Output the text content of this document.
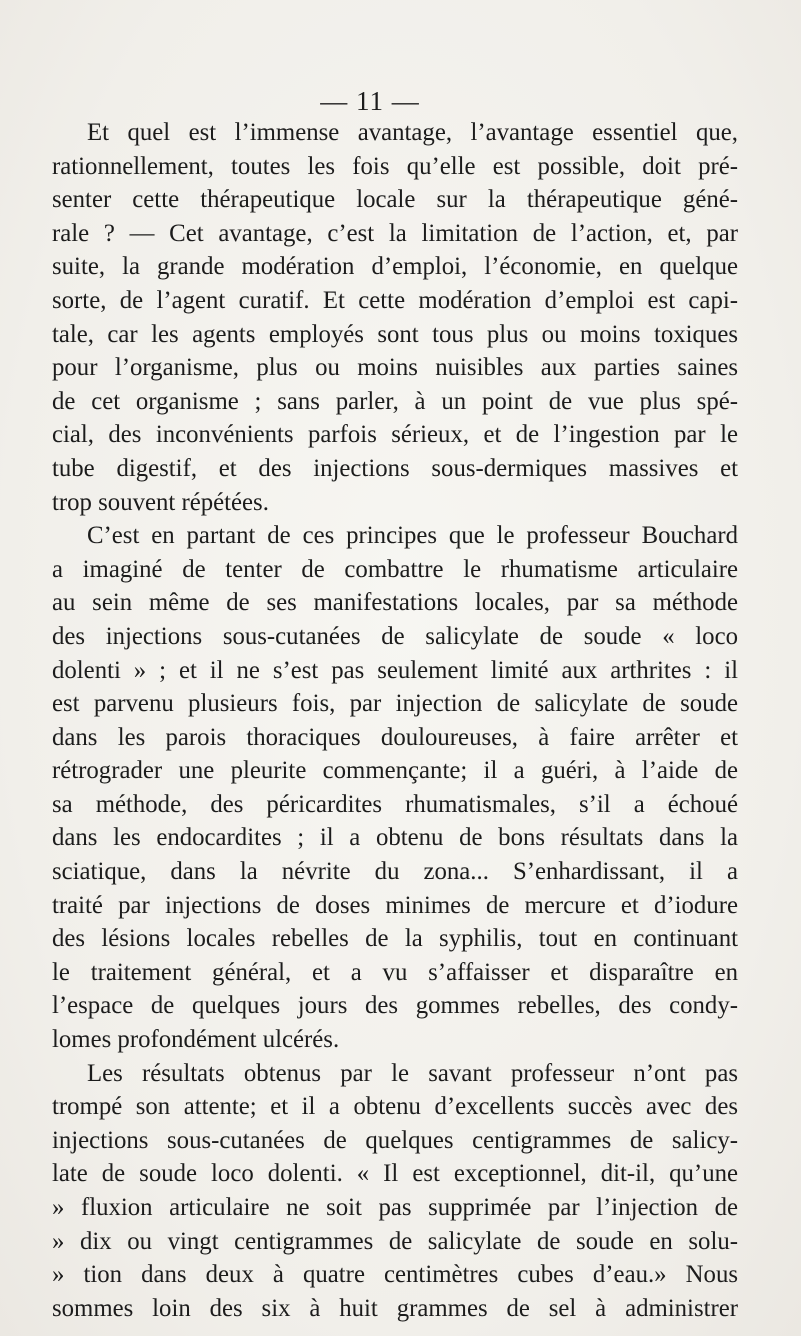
— 11 —
Et quel est l’immense avantage, l’avantage essentiel que,
rationnellement, toutes les fois qu’elle est possible, doit pré-
senter cette thérapeutique locale sur la thérapeutique géné-
rale ? — Cet avantage, c’est la limitation de l’action, et, par
suite, la grande modération d’emploi, l’économie, en quelque
sorte, de l’agent curatif. Et cette modération d’emploi est capi-
tale, car les agents employés sont tous plus ou moins toxiques
pour l’organisme, plus ou moins nuisibles aux parties saines
de cet organisme ; sans parler, à un point de vue plus spé-
cial, des inconvénients parfois sérieux, et de l’ingestion par le
tube digestif, et des injections sous-dermiques massives et
trop souvent répétées.
C’est en partant de ces principes que le professeur Bouchard
a imaginé de tenter de combattre le rhumatisme articulaire
au sein même de ses manifestations locales, par sa méthode
des injections sous-cutanées de salicylate de soude « loco
dolenti » ; et il ne s’est pas seulement limité aux arthrites : il
est parvenu plusieurs fois, par injection de salicylate de soude
dans les parois thoraciques douloureuses, à faire arrêter et
rétrograder une pleurite commençante; il a guéri, à l’aide de
sa méthode, des péricardites rhumatismales, s’il a échoué
dans les endocardites ; il a obtenu de bons résultats dans la
sciatique, dans la névrite du zona... S’enhardissant, il a
traité par injections de doses minimes de mercure et d’iodure
des lésions locales rebelles de la syphilis, tout en continuant
le traitement général, et a vu s’affaisser et disparaître en
l’espace de quelques jours des gommes rebelles, des condy-
lomes profondément ulcérés.
Les résultats obtenus par le savant professeur n’ont pas
trompé son attente; et il a obtenu d’excellents succès avec des
injections sous-cutanées de quelques centigrammes de salicy-
late de soude loco dolenti. « Il est exceptionnel, dit-il, qu’une
» fluxion articulaire ne soit pas supprimée par l’injection de
» dix ou vingt centigrammes de salicylate de soude en solu-
» tion dans deux à quatre centimètres cubes d’eau.» Nous
sommes loin des six à huit grammes de sel à administrer
